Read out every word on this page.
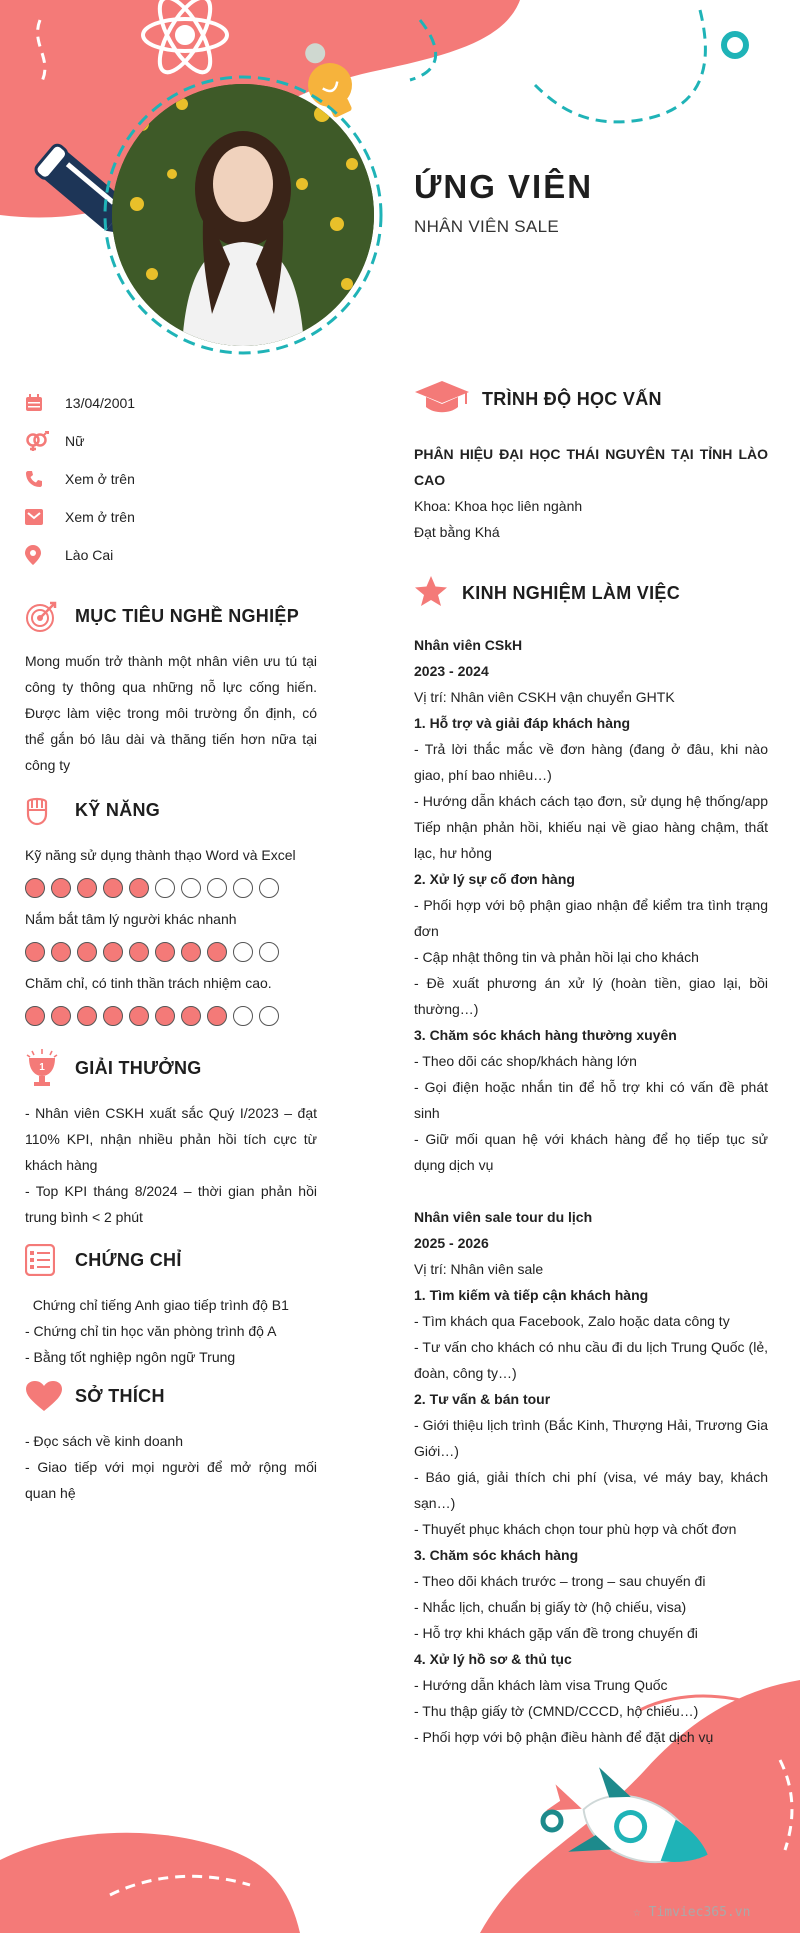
ỨNG VIÊN
NHÂN VIÊN SALE
13/04/2001
Nữ
Xem ở trên
Xem ở trên
Lào Cai
MỤC TIÊU NGHỀ NGHIỆP
Mong muốn trở thành một nhân viên ưu tú tại công ty thông qua những nỗ lực cống hiến. Được làm việc trong môi trường ổn định, có thể gắn bó lâu dài và thăng tiến hơn nữa tại công ty
KỸ NĂNG
Kỹ năng sử dụng thành thạo Word và Excel
Nắm bắt tâm lý người khác nhanh
Chăm chỉ, có tinh thần trách nhiệm cao.
1 GIẢI THƯỞNG
- Nhân viên CSKH xuất sắc Quý I/2023 – đạt 110% KPI, nhận nhiều phản hồi tích cực từ khách hàng
- Top KPI tháng 8/2024 – thời gian phản hồi trung bình < 2 phút
CHỨNG CHỈ
Chứng chỉ tiếng Anh giao tiếp trình độ B1
- Chứng chỉ tin học văn phòng trình độ A
- Bằng tốt nghiệp ngôn ngữ Trung
SỞ THÍCH
- Đọc sách về kinh doanh
- Giao tiếp với mọi người để mở rộng mối quan hệ
TRÌNH ĐỘ HỌC VẤN
PHÂN HIỆU ĐẠI HỌC THÁI NGUYÊN TẠI TỈNH LÀO CAO
Khoa: Khoa học liên ngành
Đạt bằng Khá
KINH NGHIỆM LÀM VIỆC
Nhân viên CSkH
2023 - 2024
Vị trí: Nhân viên CSKH vận chuyển GHTK
1. Hỗ trợ và giải đáp khách hàng
- Trả lời thắc mắc về đơn hàng (đang ở đâu, khi nào giao, phí bao nhiêu…)
- Hướng dẫn khách cách tạo đơn, sử dụng hệ thống/app Tiếp nhận phản hồi, khiếu nại về giao hàng chậm, thất lạc, hư hỏng
2. Xử lý sự cố đơn hàng
- Phối hợp với bộ phận giao nhận để kiểm tra tình trạng đơn
- Cập nhật thông tin và phản hồi lại cho khách
- Đề xuất phương án xử lý (hoàn tiền, giao lại, bồi thường…)
3. Chăm sóc khách hàng thường xuyên
- Theo dõi các shop/khách hàng lớn
- Gọi điện hoặc nhắn tin để hỗ trợ khi có vấn đề phát sinh
- Giữ mối quan hệ với khách hàng để họ tiếp tục sử dụng dịch vụ
Nhân viên sale tour du lịch
2025 - 2026
Vị trí: Nhân viên sale
1. Tìm kiếm và tiếp cận khách hàng
- Tìm khách qua Facebook, Zalo hoặc data công ty
- Tư vấn cho khách có nhu cầu đi du lịch Trung Quốc (lẻ, đoàn, công ty…)
2. Tư vấn & bán tour
- Giới thiệu lịch trình (Bắc Kinh, Thượng Hải, Trương Gia Giới…)
- Báo giá, giải thích chi phí (visa, vé máy bay, khách sạn…)
- Thuyết phục khách chọn tour phù hợp và chốt đơn
3. Chăm sóc khách hàng
- Theo dõi khách trước – trong – sau chuyến đi
- Nhắc lịch, chuẩn bị giấy tờ (hộ chiếu, visa)
- Hỗ trợ khi khách gặp vấn đề trong chuyến đi
4. Xử lý hồ sơ & thủ tục
- Hướng dẫn khách làm visa Trung Quốc
- Thu thập giấy tờ (CMND/CCCD, hộ chiếu…)
- Phối hợp với bộ phận điều hành để đặt dịch vụ
☆ Timviec365.vn
